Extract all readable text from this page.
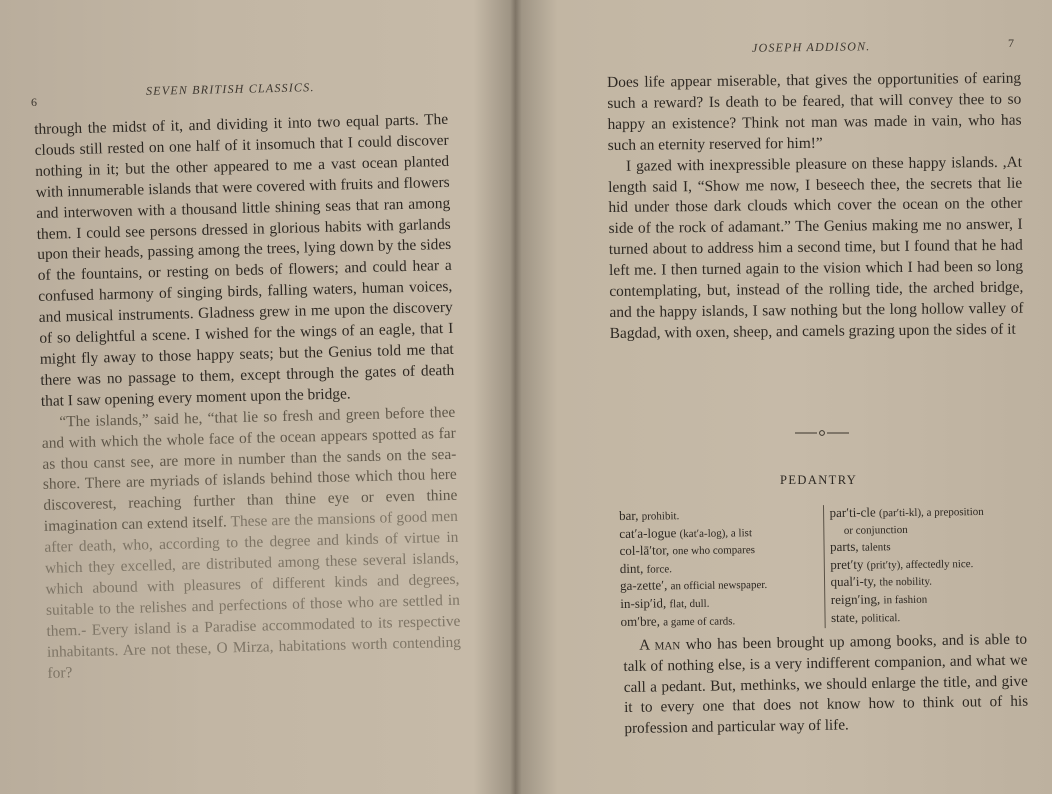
6
SEVEN BRITISH CLASSICS.

through the midst of it, and dividing it into two equal parts. The clouds still rested on one half of it insomuch that I could discover nothing in it; but the other appeared to me a vast ocean planted with innumerable islands that were covered with fruits and flowers and interwoven with a thousand little shining seas that ran among them. I could see persons dressed in glorious habits with garlands upon their heads, passing among the trees, lying down by the sides of the fountains, or resting on beds of flowers; and could hear a confused harmony of singing birds, falling waters, human voices, and musical instruments. Gladness grew in me upon the discovery of so delightful a scene. I wished for the wings of an eagle, that I might fly away to those happy seats; but the Genius told me that there was no passage to them, except through the gates of death that I saw opening every moment upon the bridge.

“The islands,” said he, “that lie so fresh and green before thee and with which the whole face of the ocean appears spotted as far as thou canst see, are more in number than the sands on the sea-shore. There are myriads of islands behind those which thou here discoverest, reaching further than thine eye or even thine imagination can extend itself. These are the mansions of good men after death, who, according to the degree and kinds of virtue in which they excelled, are distributed among these several islands, which abound with pleasures of different kinds and degrees, suitable to the relishes and perfections of those who are settled in them.- Every island is a Paradise accommodated to its respective inhabitants. Are not these, O Mirza, habitations worth contending for?

JOSEPH ADDISON.	7

Does life appear miserable, that gives the opportunities of earing such a reward? Is death to be feared, that will convey thee to so happy an existence? Think not man was made in vain, who has such an eternity reserved for him!”

I gazed with inexpressible pleasure on these happy islands. ,At length said I, “Show me now, I beseech thee, the secrets that lie hid under those dark clouds which cover the ocean on the other side of the rock of adamant.” The Genius making me no answer, I turned about to address him a second time, but I found that he had left me. I then turned again to the vision which I had been so long contemplating, but, instead of the rolling tide, the arched bridge, and the happy islands, I saw nothing but the long hollow valley of Bagdad, with oxen, sheep, and camels grazing upon the sides of it

PEDANTRY
bar, prohibit.
cat′a-logue (kat′a-log), a list
col-lā′tor, one who compares
dint, force.
ga-zette′, an official newspaper.
in-sip′id, flat, dull.
om′bre, a game of cards.
par′ti-cle (par′ti-kl), a preposition
or conjunction
parts, talents
pret′ty (prit′ty), affectedly nice.
qual′i-ty, the nobility.
reign′ing, in fashion
state, political.

A man who has been brought up among books, and is able to talk of nothing else, is a very indifferent companion, and what we call a pedant. But, methinks, we should enlarge the title, and give it to every one that does not know how to think out of his profession and particular way of life.
